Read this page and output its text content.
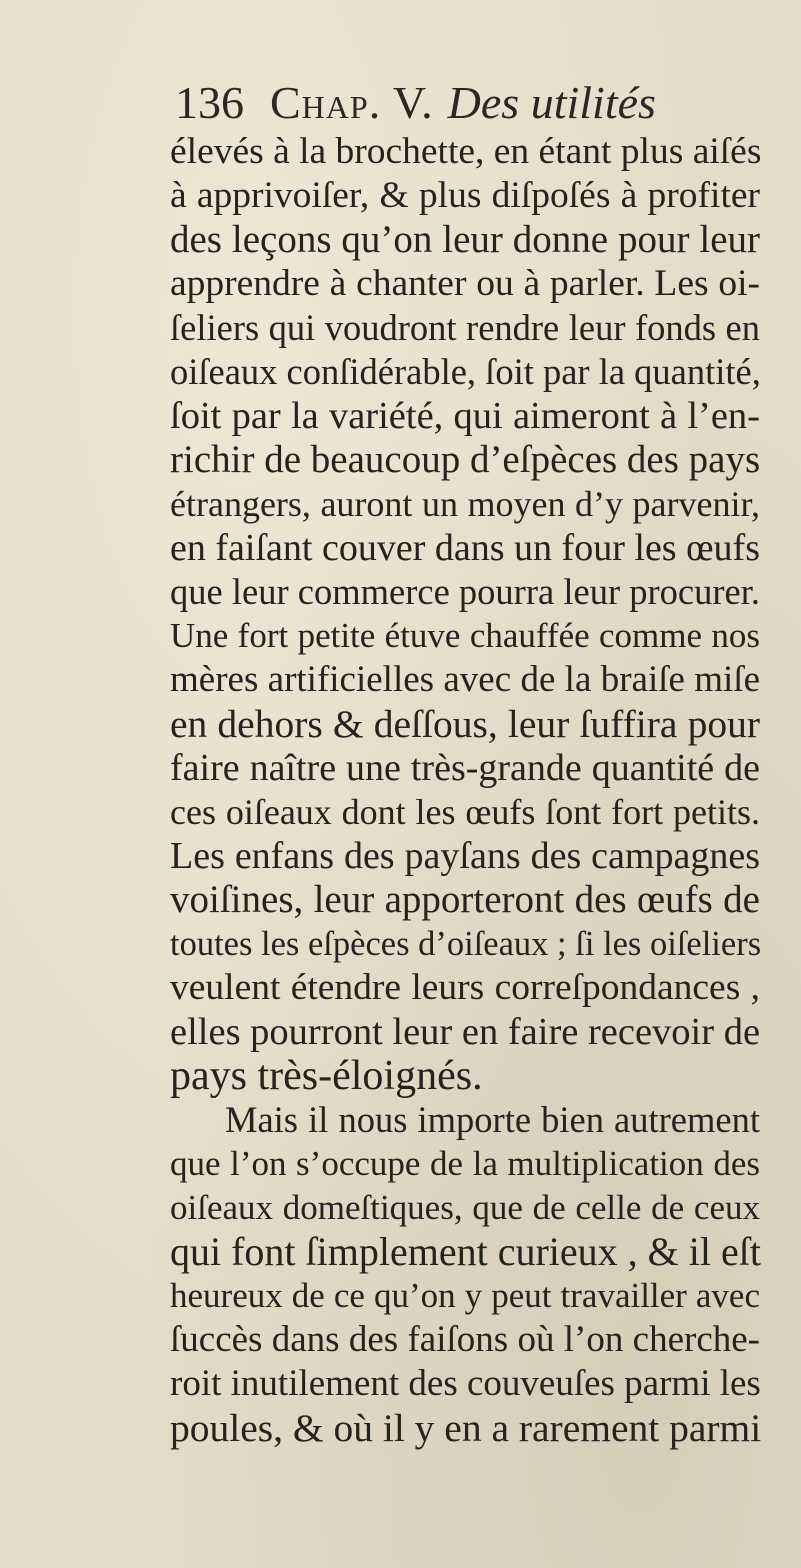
136 Chap. V. Des utilités
élevés à la brochette, en étant plus aiſés
à apprivoiſer, & plus diſpoſés à profiter
des leçons qu’on leur donne pour leur
apprendre à chanter ou à parler. Les oi-
ſeliers qui voudront rendre leur fonds en
oiſeaux conſidérable, ſoit par la quantité,
ſoit par la variété, qui aimeront à l’en-
richir de beaucoup d’eſpèces des pays
étrangers, auront un moyen d’y parvenir,
en faiſant couver dans un four les œufs
que leur commerce pourra leur procurer.
Une fort petite étuve chauffée comme nos
mères artificielles avec de la braiſe miſe
en dehors & deſſous, leur ſuffira pour
faire naître une très-grande quantité de
ces oiſeaux dont les œufs ſont fort petits.
Les enfans des payſans des campagnes
voiſines, leur apporteront des œufs de
toutes les eſpèces d’oiſeaux ; ſi les oiſeliers
veulent étendre leurs correſpondances ,
elles pourront leur en faire recevoir de
pays très-éloignés.
Mais il nous importe bien autrement
que l’on s’occupe de la multiplication des
oiſeaux domeſtiques, que de celle de ceux
qui font ſimplement curieux , & il eſt
heureux de ce qu’on y peut travailler avec
ſuccès dans des faiſons où l’on cherche-
roit inutilement des couveuſes parmi les
poules, & où il y en a rarement parmi
